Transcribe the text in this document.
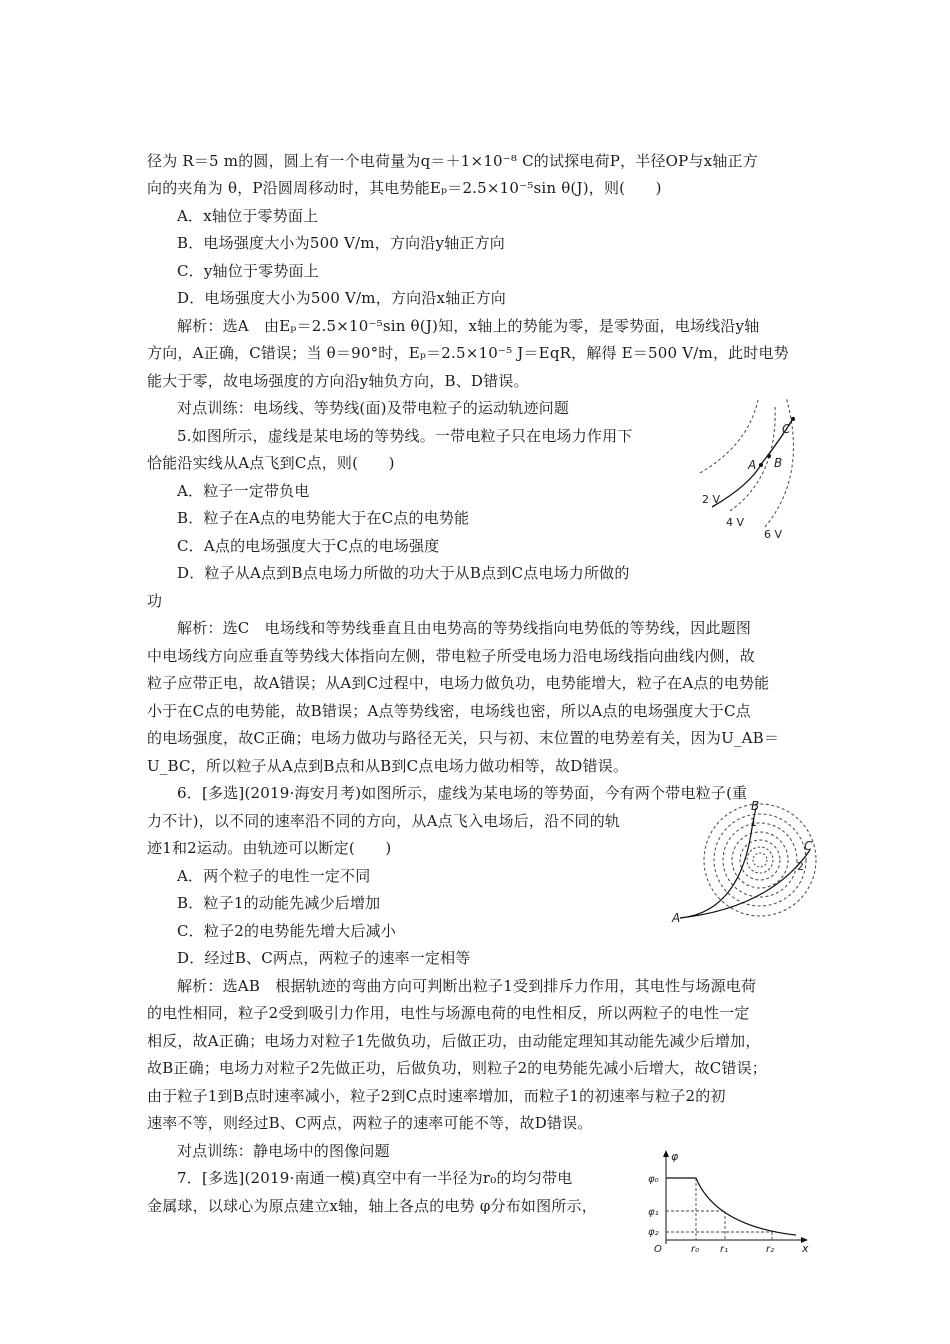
径为 R＝5 m的圆，圆上有一个电荷量为q＝＋1×10⁻⁸ C的试探电荷P，半径OP与x轴正方
向的夹角为 θ，P沿圆周移动时，其电势能Eₚ＝2.5×10⁻⁵sin θ(J)，则(　　)
A．x轴位于零势面上
B．电场强度大小为500 V/m，方向沿y轴正方向
C．y轴位于零势面上
D．电场强度大小为500 V/m，方向沿x轴正方向
解析：选A　由Eₚ＝2.5×10⁻⁵sin θ(J)知，x轴上的势能为零，是零势面，电场线沿y轴
方向，A正确，C错误；当 θ＝90°时，Eₚ＝2.5×10⁻⁵ J＝EqR，解得 E＝500 V/m，此时电势
能大于零，故电场强度的方向沿y轴负方向，B、D错误。
对点训练：电场线、等势线(面)及带电粒子的运动轨迹问题
5.如图所示，虚线是某电场的等势线。一带电粒子只在电场力作用下
恰能沿实线从A点飞到C点，则(　　)
A．粒子一定带负电
B．粒子在A点的电势能大于在C点的电势能
C．A点的电场强度大于C点的电场强度
D．粒子从A点到B点电场力所做的功大于从B点到C点电场力所做的
功
解析：选C　电场线和等势线垂直且由电势高的等势线指向电势低的等势线，因此题图
中电场线方向应垂直等势线大体指向左侧，带电粒子所受电场力沿电场线指向曲线内侧，故
粒子应带正电，故A错误；从A到C过程中，电场力做负功，电势能增大，粒子在A点的电势能
小于在C点的电势能，故B错误；A点等势线密，电场线也密，所以A点的电场强度大于C点
的电场强度，故C正确；电场力做功与路径无关，只与初、末位置的电势差有关，因为U_AB＝
U_BC，所以粒子从A点到B点和从B到C点电场力做功相等，故D错误。
6．[多选](2019·海安月考)如图所示，虚线为某电场的等势面，今有两个带电粒子(重
力不计)，以不同的速率沿不同的方向，从A点飞入电场后，沿不同的轨
迹1和2运动。由轨迹可以断定(　　)
A．两个粒子的电性一定不同
B．粒子1的动能先减少后增加
C．粒子2的电势能先增大后减小
D．经过B、C两点，两粒子的速率一定相等
解析：选AB　根据轨迹的弯曲方向可判断出粒子1受到排斥力作用，其电性与场源电荷
的电性相同，粒子2受到吸引力作用，电性与场源电荷的电性相反，所以两粒子的电性一定
相反，故A正确；电场力对粒子1先做负功，后做正功，由动能定理知其动能先减少后增加，
故B正确；电场力对粒子2先做正功，后做负功，则粒子2的电势能先减小后增大，故C错误；
由于粒子1到B点时速率减小，粒子2到C点时速率增加，而粒子1的初速率与粒子2的初
速率不等，则经过B、C两点，两粒子的速率可能不等，故D错误。
对点训练：静电场中的图像问题
7．[多选](2019·南通一模)真空中有一半径为r₀的均匀带电
金属球，以球心为原点建立x轴，轴上各点的电势 φ分布如图所示，
C
A B
2 V
4 V
6 V
B
1
C
2
A
φ
φ₀
φ₁
φ₂
O	r₀ r₁	r₂	x
